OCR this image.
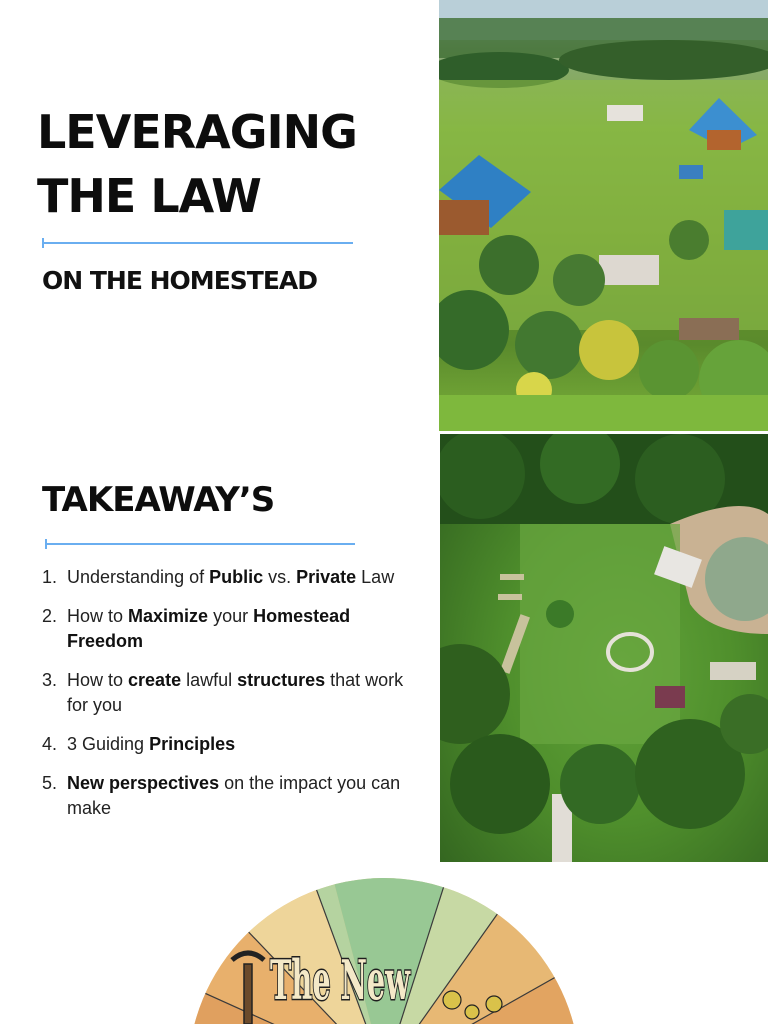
LEVERAGING
THE LAW
ON THE HOMESTEAD
TAKEAWAY’S
1. Understanding of Public vs. Private Law
2. How to Maximize your Homestead Freedom
3. How to create lawful structures that work for you
4. 3 Guiding Principles
5. New perspectives on the impact you can make
The New
